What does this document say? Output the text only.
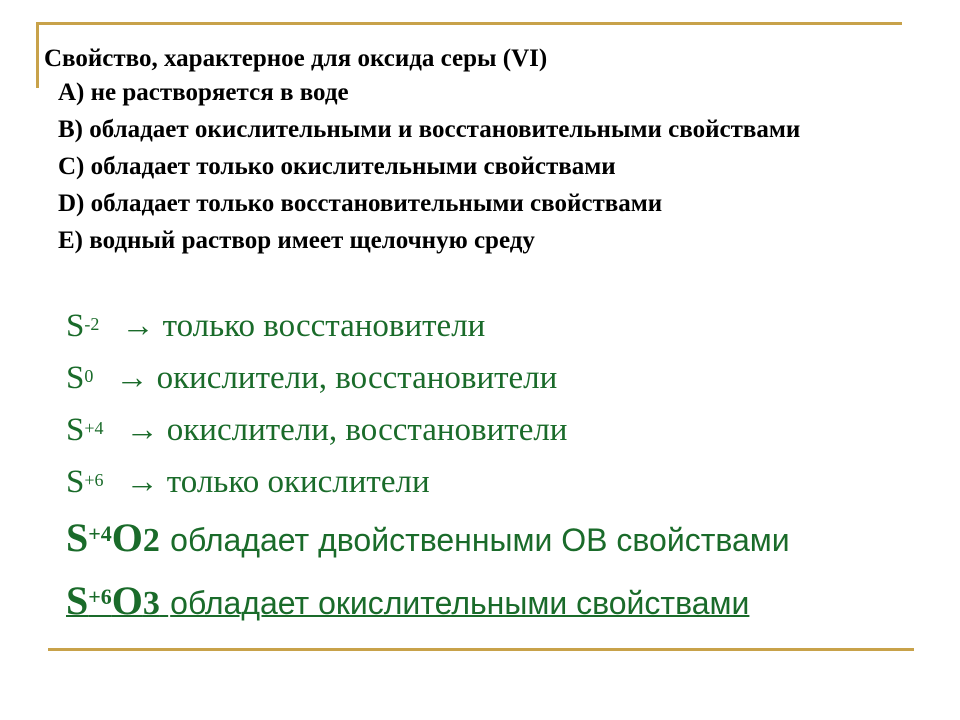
Свойство, характерное для оксида серы (VI)
А) не растворяется в воде
В) обладает окислительными и восстановительными свойствами
С) обладает только окислительными свойствами
D) обладает только восстановительными свойствами
Е) водный раствор имеет щелочную среду
$S^{-2}$ → только восстановители
$S^0$ → окислители, восстановители
$S^{+4}$ → окислители, восстановители
$S^{+6}$ → только окислители
$S^{+4}O2$ обладает двойственными ОВ свойствами
$S^{+6}O3$ обладает окислительными свойствами
